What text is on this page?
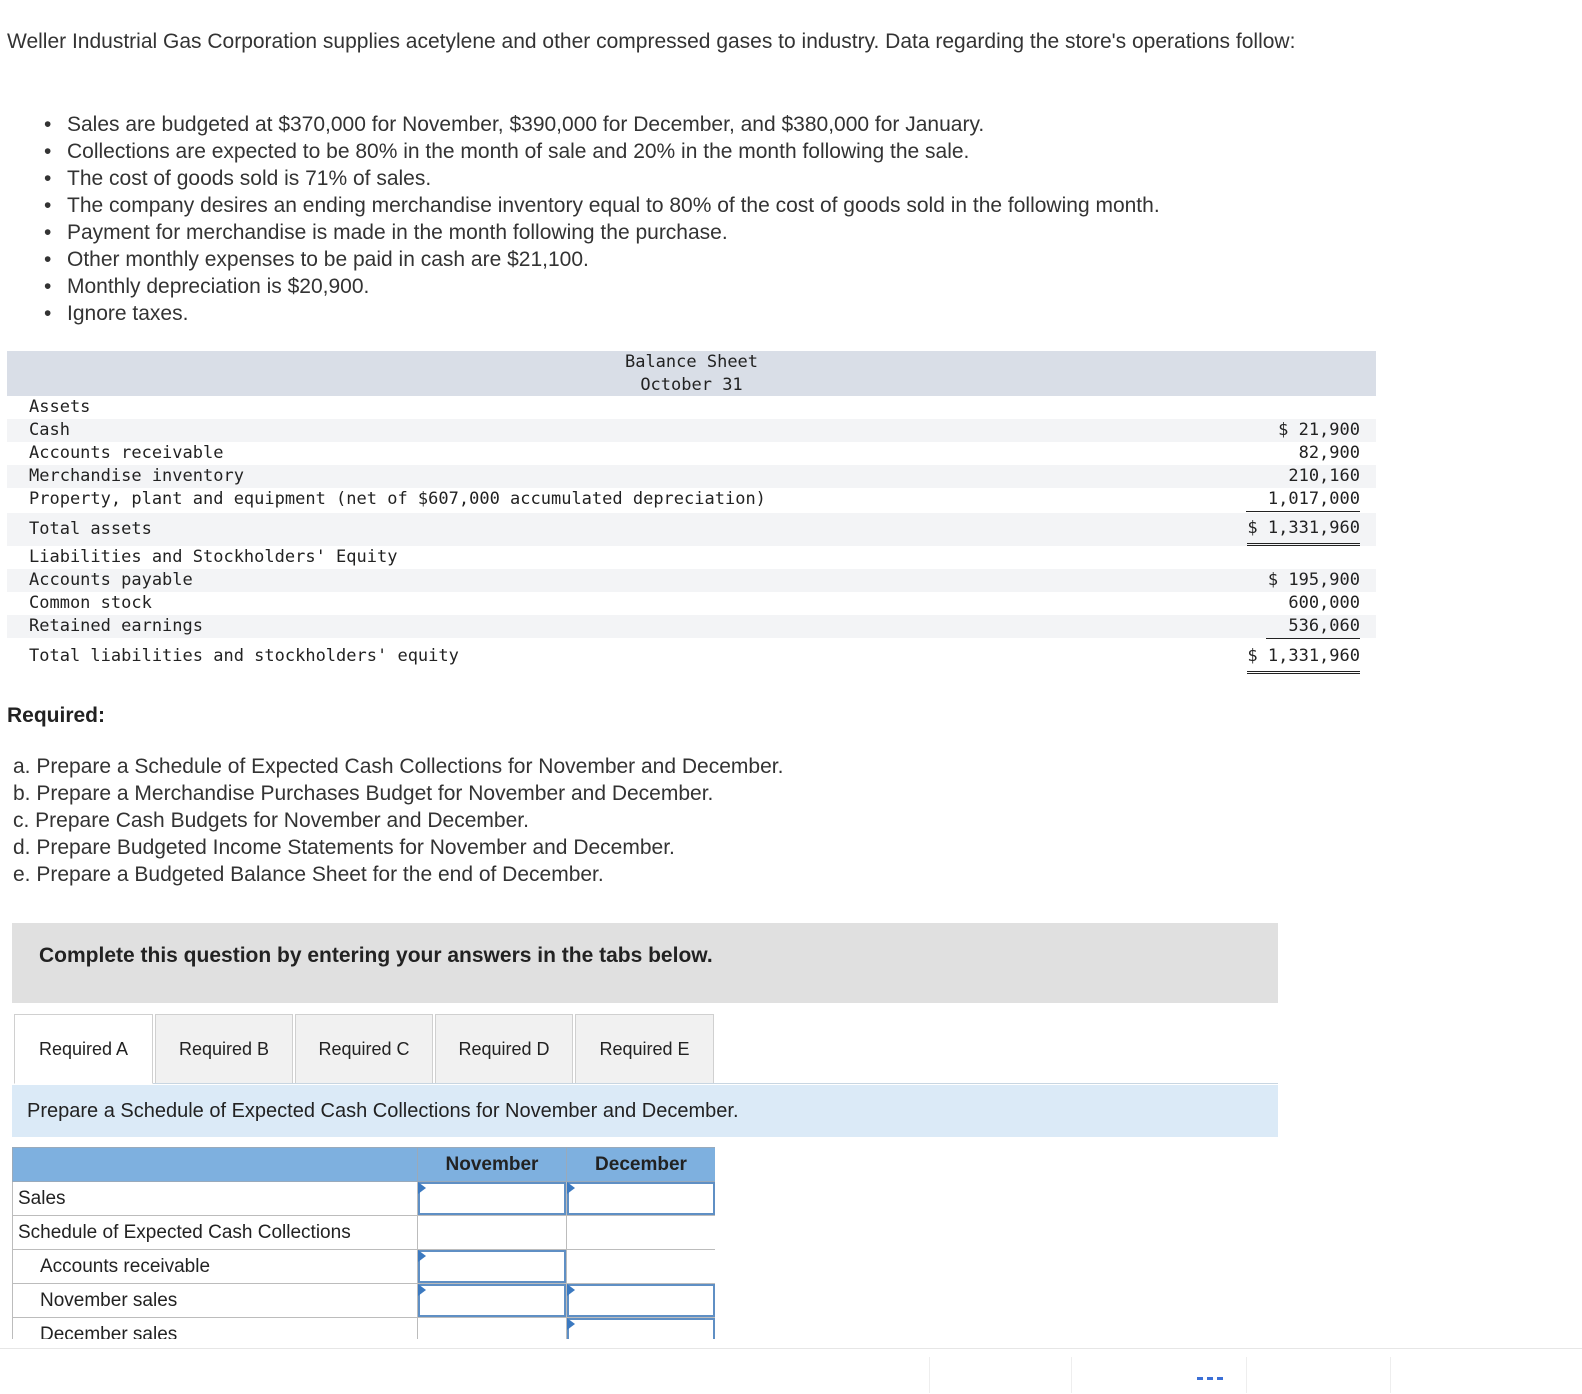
Weller Industrial Gas Corporation supplies acetylene and other compressed gases to industry. Data regarding the store's operations follow:

• Sales are budgeted at $370,000 for November, $390,000 for December, and $380,000 for January.
• Collections are expected to be 80% in the month of sale and 20% in the month following the sale.
• The cost of goods sold is 71% of sales.
• The company desires an ending merchandise inventory equal to 80% of the cost of goods sold in the following month.
• Payment for merchandise is made in the month following the purchase.
• Other monthly expenses to be paid in cash are $21,100.
• Monthly depreciation is $20,900.
• Ignore taxes.
Balance Sheet
October 31
Assets
Cash	$ 21,900
Accounts receivable	82,900
Merchandise inventory	210,160
Property, plant and equipment (net of $607,000 accumulated depreciation)	1,017,000
Total assets	$ 1,331,960
Liabilities and Stockholders' Equity
Accounts payable	$ 195,900
Common stock	600,000
Retained earnings	536,060
Total liabilities and stockholders' equity	$ 1,331,960
Required:
a. Prepare a Schedule of Expected Cash Collections for November and December.
b. Prepare a Merchandise Purchases Budget for November and December.
c. Prepare Cash Budgets for November and December.
d. Prepare Budgeted Income Statements for November and December.
e. Prepare a Budgeted Balance Sheet for the end of December.
Complete this question by entering your answers in the tabs below.
Required A	Required B	Required C	Required D	Required E
Prepare a Schedule of Expected Cash Collections for November and December.
	November	December
Sales	

Schedule of Expected Cash Collections		
Accounts receivable	

November sales	

December sales		
